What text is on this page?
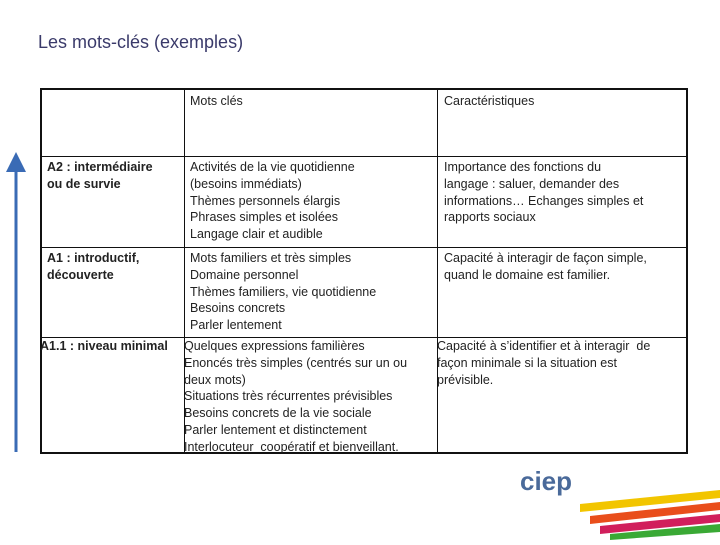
Les mots-clés (exemples)
Mots clés	Caractéristiques
A2 : intermédiaire
ou de survie
Activités de la vie quotidienne
(besoins immédiats)
Thèmes personnels élargis
Phrases simples et isolées
Langage clair et audible
Importance des fonctions du
langage : saluer, demander des
informations… Echanges simples et
rapports sociaux
A1 : introductif,
découverte
Mots familiers et très simples
Domaine personnel
Thèmes familiers, vie quotidienne
Besoins concrets
Parler lentement
Capacité à interagir de façon simple,
quand le domaine est familier.
A1.1 : niveau minimal Quelques expressions familières
Enoncés très simples (centrés sur un ou
deux mots)
Situations très récurrentes prévisibles
Besoins concrets de la vie sociale
Parler lentement et distinctement
Interlocuteur  coopératif et bienveillant.
Capacité à s’identifier et à interagir  de
façon minimale si la situation est
prévisible.
ciep
